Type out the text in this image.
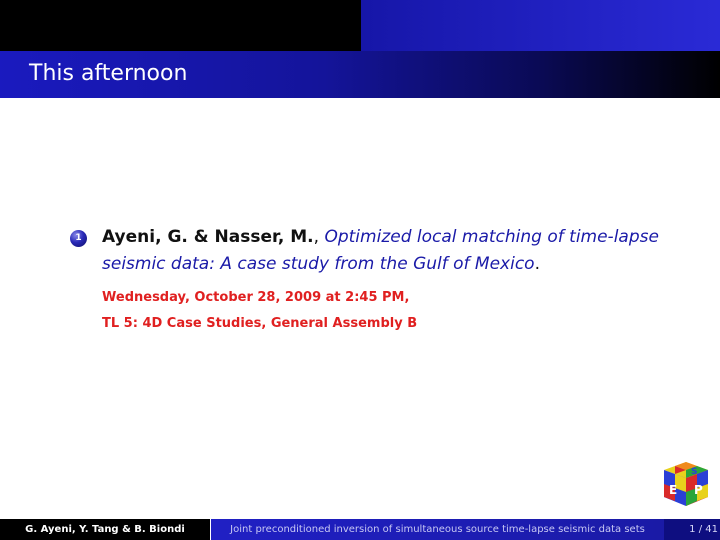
This afternoon
1	Ayeni, G. & Nasser, M., Optimized local matching of time-lapse seismic data: A case study from the Gulf of Mexico.
Wednesday, October 28, 2009 at 2:45 PM,
TL 5: 4D Case Studies, General Assembly B
S
E P
G. Ayeni, Y. Tang & B. Biondi	Joint preconditioned inversion of simultaneous source time-lapse seismic data sets	1 / 41
